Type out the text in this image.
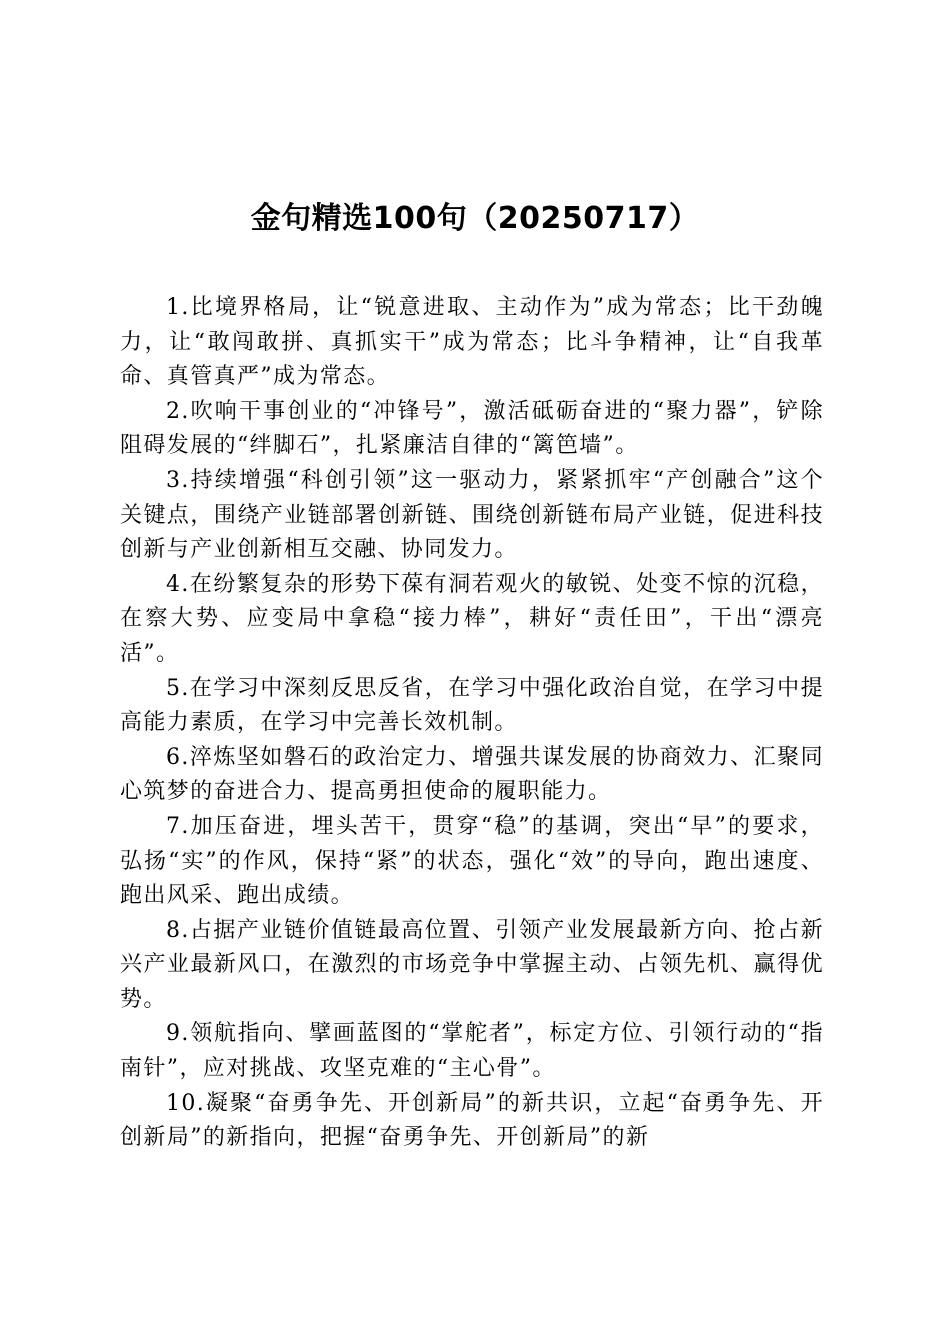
金句精选100句（20250717）

1.比境界格局，让“锐意进取、主动作为”成为常态；比干劲魄力，让“敢闯敢拼、真抓实干”成为常态；比斗争精神，让“自我革命、真管真严”成为常态。

2.吹响干事创业的“冲锋号”，激活砥砺奋进的“聚力器”，铲除阻碍发展的“绊脚石”，扎紧廉洁自律的“篱笆墙”。

3.持续增强“科创引领”这一驱动力，紧紧抓牢“产创融合”这个关键点，围绕产业链部署创新链、围绕创新链布局产业链，促进科技创新与产业创新相互交融、协同发力。

4.在纷繁复杂的形势下葆有洞若观火的敏锐、处变不惊的沉稳，在察大势、应变局中拿稳“接力棒”，耕好“责任田”，干出“漂亮活”。

5.在学习中深刻反思反省，在学习中强化政治自觉，在学习中提高能力素质，在学习中完善长效机制。

6.淬炼坚如磐石的政治定力、增强共谋发展的协商效力、汇聚同心筑梦的奋进合力、提高勇担使命的履职能力。

7.加压奋进，埋头苦干，贯穿“稳”的基调，突出“早”的要求，弘扬“实”的作风，保持“紧”的状态，强化“效”的导向，跑出速度、跑出风采、跑出成绩。

8.占据产业链价值链最高位置、引领产业发展最新方向、抢占新兴产业最新风口，在激烈的市场竞争中掌握主动、占领先机、赢得优势。

9.领航指向、擘画蓝图的“掌舵者”，标定方位、引领行动的“指南针”，应对挑战、攻坚克难的“主心骨”。

10.凝聚“奋勇争先、开创新局”的新共识，立起“奋勇争先、开创新局”的新指向，把握“奋勇争先、开创新局”的新
